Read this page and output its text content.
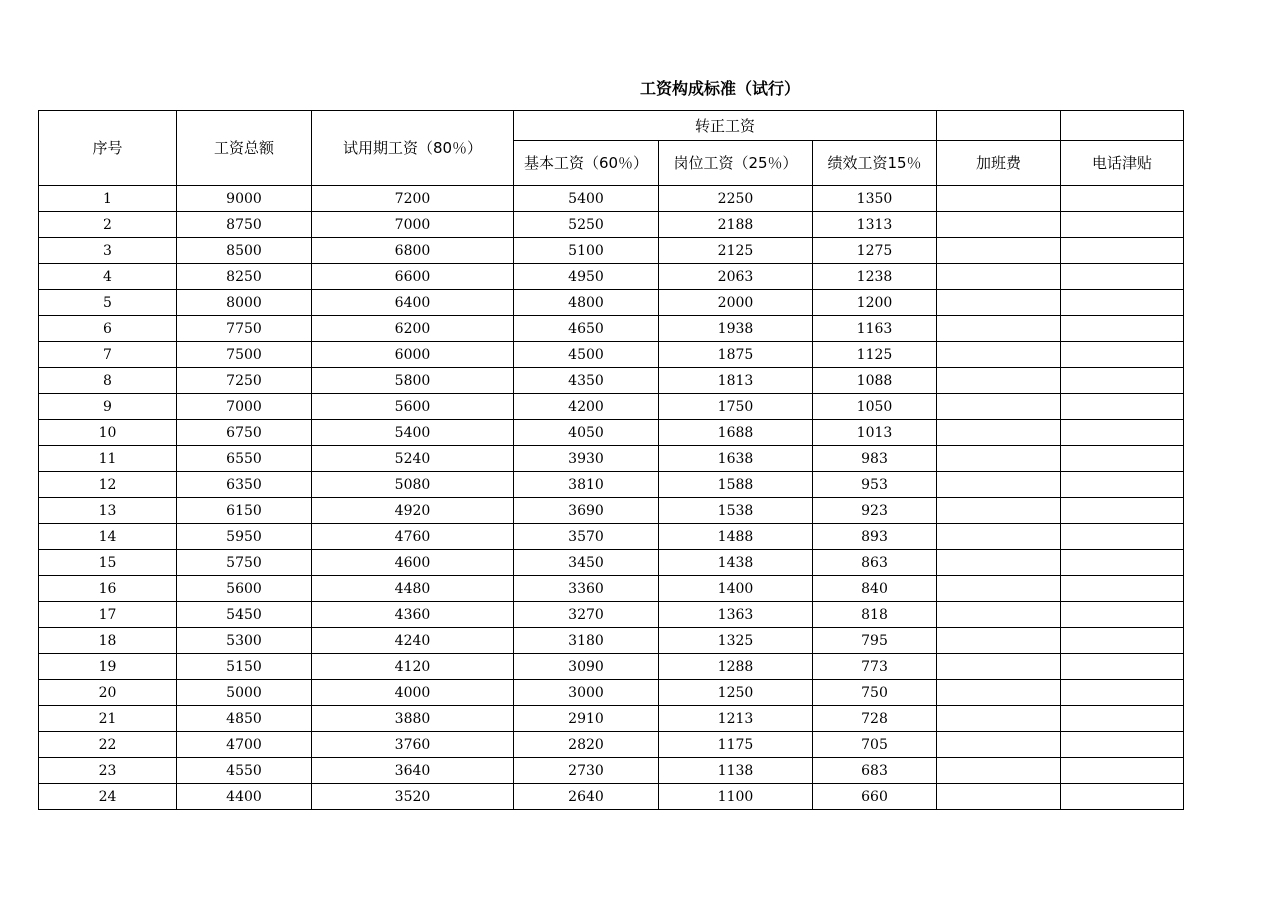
工资构成标准（试行）
序号	工资总额	试用期工资（80％）	转正工资				
			基本工资（60％）	岗位工资（25％）	绩效工资15％	加班费	电话津贴
1	9000	7200	5400	2250	1350		
2	8750	7000	5250	2188	1313		
3	8500	6800	5100	2125	1275		
4	8250	6600	4950	2063	1238		
5	8000	6400	4800	2000	1200		
6	7750	6200	4650	1938	1163		
7	7500	6000	4500	1875	1125		
8	7250	5800	4350	1813	1088		
9	7000	5600	4200	1750	1050		
10	6750	5400	4050	1688	1013		
11	6550	5240	3930	1638	983		
12	6350	5080	3810	1588	953		
13	6150	4920	3690	1538	923		
14	5950	4760	3570	1488	893		
15	5750	4600	3450	1438	863		
16	5600	4480	3360	1400	840		
17	5450	4360	3270	1363	818		
18	5300	4240	3180	1325	795		
19	5150	4120	3090	1288	773		
20	5000	4000	3000	1250	750		
21	4850	3880	2910	1213	728		
22	4700	3760	2820	1175	705		
23	4550	3640	2730	1138	683		
24	4400	3520	2640	1100	660		
